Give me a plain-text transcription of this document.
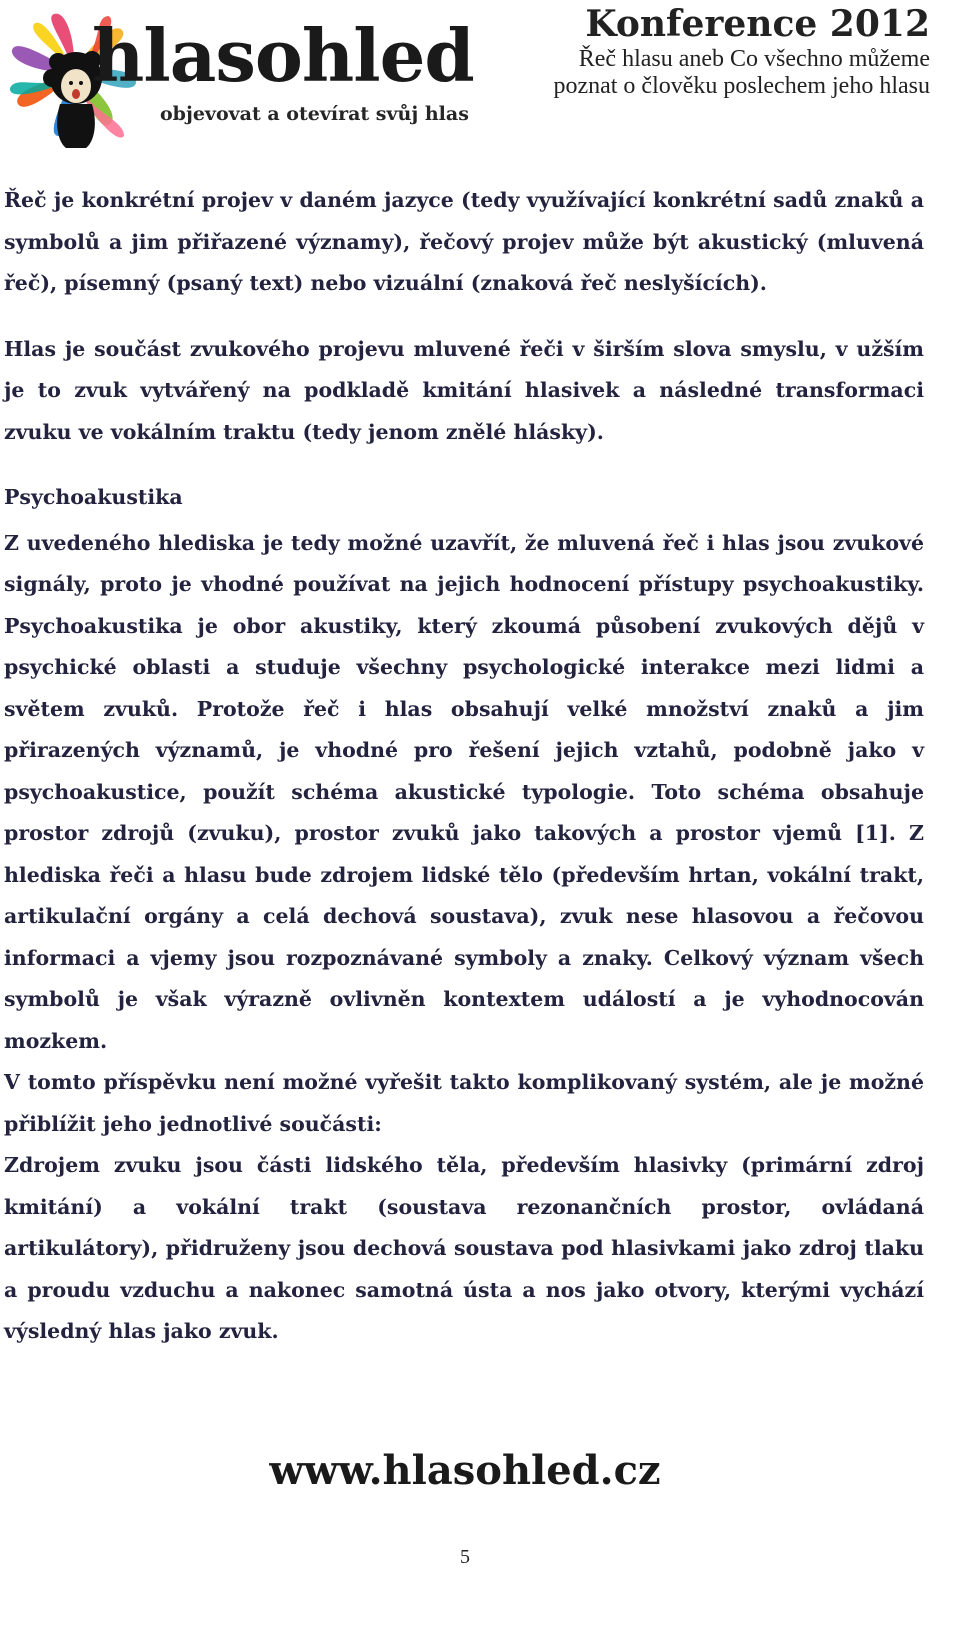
hlasohled
objevovat a otevírat svůj hlas
Konference 2012
Řeč hlasu aneb Co všechno můžeme poznat o člověku poslechem jeho hlasu

Řeč je konkrétní projev v daném jazyce (tedy využívající konkrétní sadů znaků a symbolů a jim přiřazené významy), řečový projev může být akustický (mluvená řeč), písemný (psaný text) nebo vizuální (znaková řeč neslyšících).

Hlas je součást zvukového projevu mluvené řeči v širším slova smyslu, v užším je to zvuk vytvářený na podkladě kmitání hlasivek a následné transformaci zvuku ve vokálním traktu (tedy jenom znělé hlásky).

Psychoakustika

Z uvedeného hlediska je tedy možné uzavřít, že mluvená řeč i hlas jsou zvukové signály, proto je vhodné používat na jejich hodnocení přístupy psychoakustiky. Psychoakustika je obor akustiky, který zkoumá působení zvukových dějů v psychické oblasti a studuje všechny psychologické interakce mezi lidmi a světem zvuků. Protože řeč i hlas obsahují velké množství znaků a jim přirazených významů, je vhodné pro řešení jejich vztahů, podobně jako v psychoakustice, použít schéma akustické typologie. Toto schéma obsahuje prostor zdrojů (zvuku), prostor zvuků jako takových a prostor vjemů [1]. Z hlediska řeči a hlasu bude zdrojem lidské tělo (především hrtan, vokální trakt, artikulační orgány a celá dechová soustava), zvuk nese hlasovou a řečovou informaci a vjemy jsou rozpoznávané symboly a znaky. Celkový význam všech symbolů je však výrazně ovlivněn kontextem událostí a je vyhodnocován mozkem.

V tomto příspěvku není možné vyřešit takto komplikovaný systém, ale je možné přiblížit jeho jednotlivé součásti:

Zdrojem zvuku jsou části lidského těla, především hlasivky (primární zdroj kmitání) a vokální trakt (soustava rezonančních prostor, ovládaná artikulátory), přidruženy jsou dechová soustava pod hlasivkami jako zdroj tlaku a proudu vzduchu a nakonec samotná ústa a nos jako otvory, kterými vychází výsledný hlas jako zvuk.

www.hlasohled.cz
5
